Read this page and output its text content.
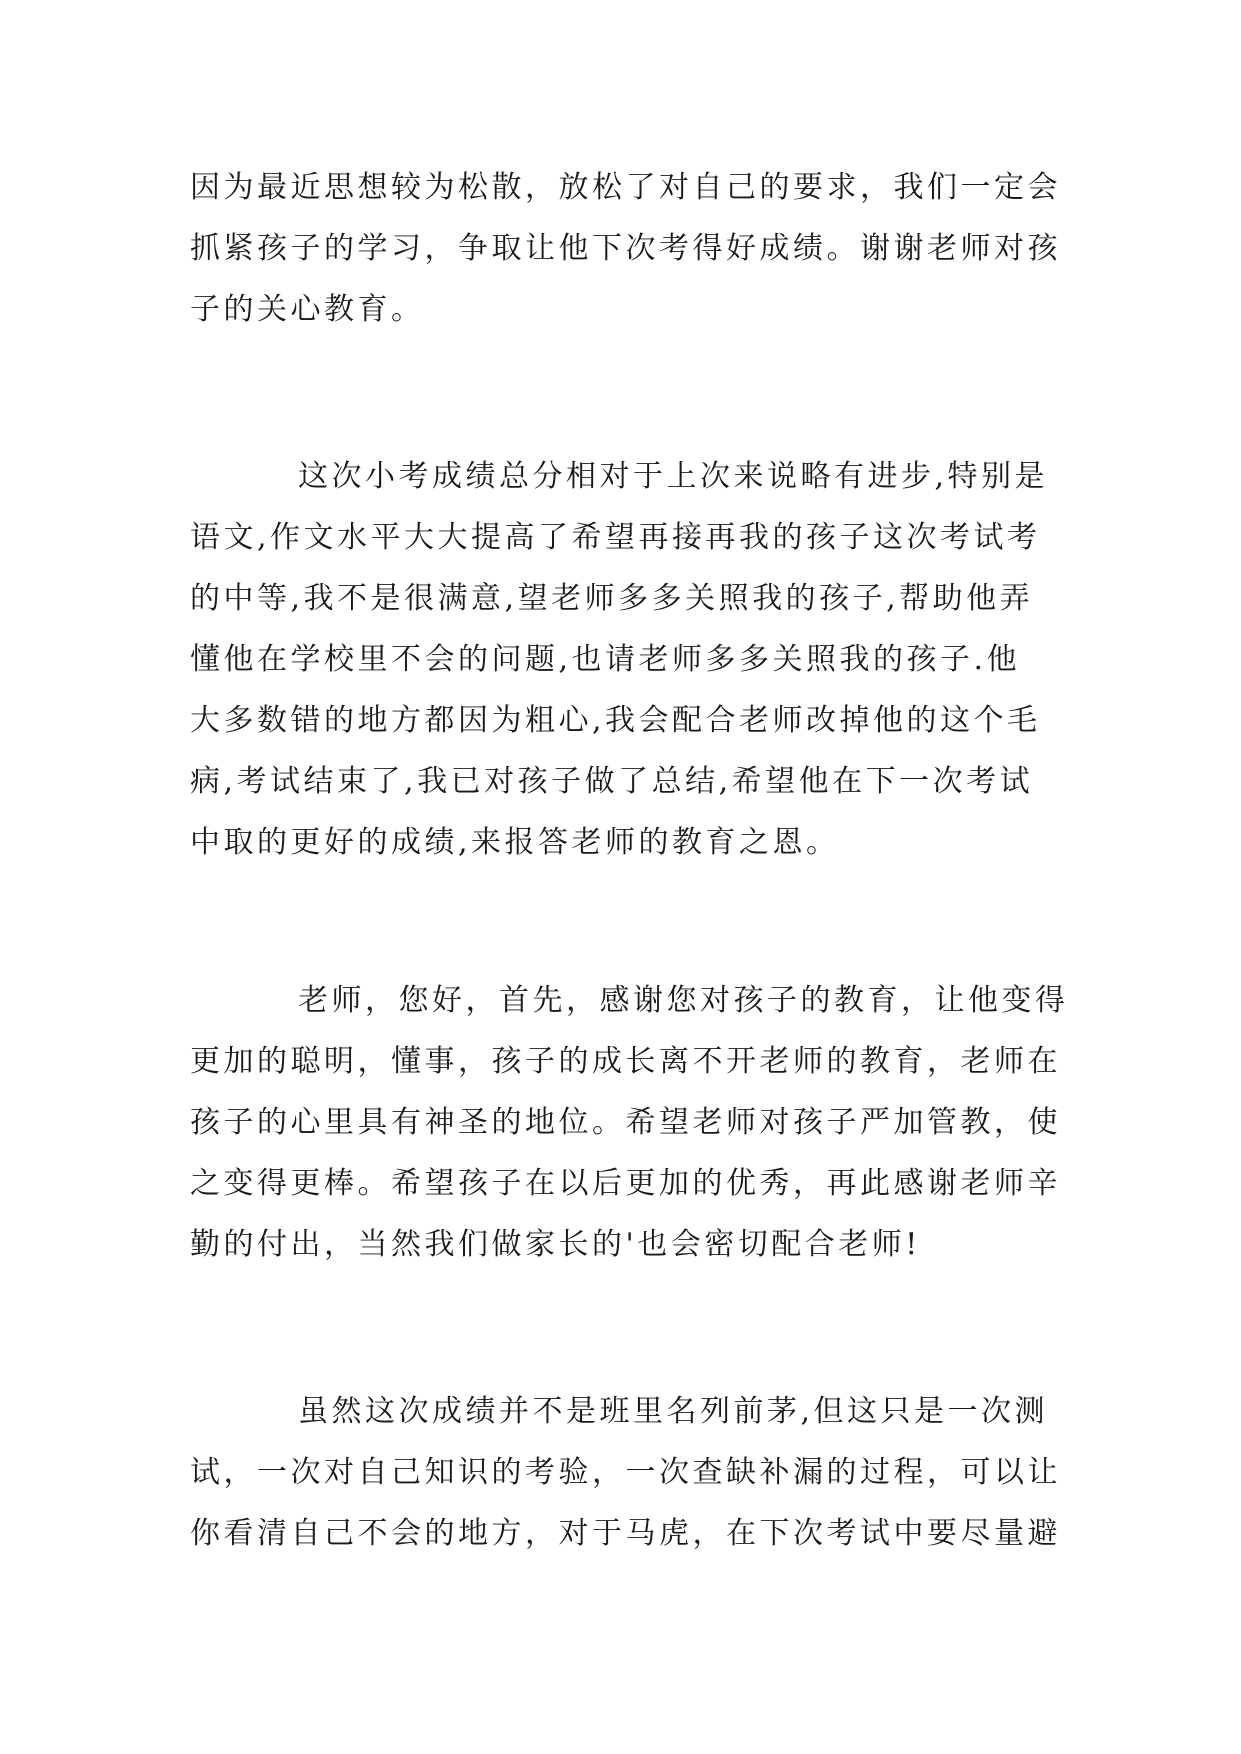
因为最近思想较为松散，放松了对自己的要求，我们一定会
抓紧孩子的学习，争取让他下次考得好成绩。谢谢老师对孩
子的关心教育。
这次小考成绩总分相对于上次来说略有进步,特别是
语文,作文水平大大提高了希望再接再我的孩子这次考试考
的中等,我不是很满意,望老师多多关照我的孩子,帮助他弄
懂他在学校里不会的问题,也请老师多多关照我的孩子.他
大多数错的地方都因为粗心,我会配合老师改掉他的这个毛
病,考试结束了,我已对孩子做了总结,希望他在下一次考试
中取的更好的成绩,来报答老师的教育之恩。
老师，您好，首先，感谢您对孩子的教育，让他变得
更加的聪明，懂事，孩子的成长离不开老师的教育，老师在
孩子的心里具有神圣的地位。希望老师对孩子严加管教，使
之变得更棒。希望孩子在以后更加的优秀，再此感谢老师辛
勤的付出，当然我们做家长的'也会密切配合老师!
虽然这次成绩并不是班里名列前茅,但这只是一次测
试，一次对自己知识的考验，一次查缺补漏的过程，可以让
你看清自己不会的地方，对于马虎，在下次考试中要尽量避
